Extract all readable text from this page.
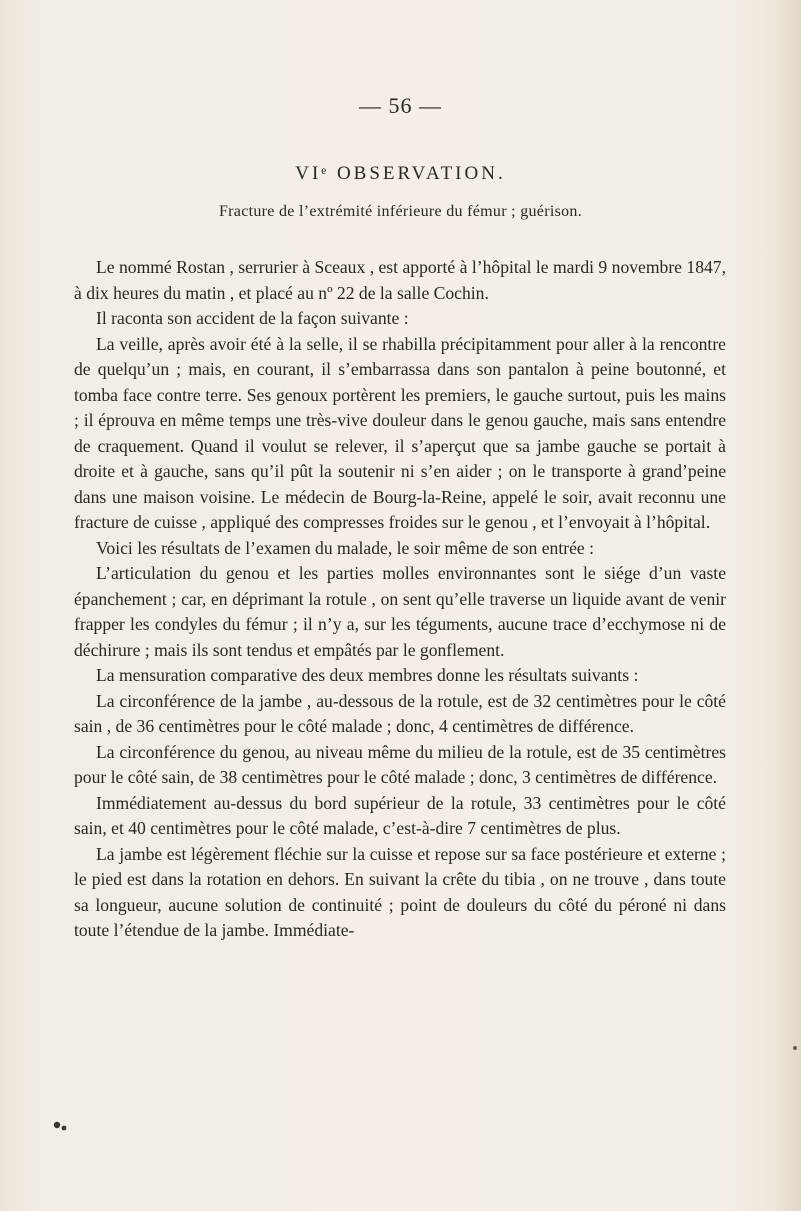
— 56 —
VIᵉ OBSERVATION.
Fracture de l’extrémité inférieure du fémur ; guérison.

Le nommé Rostan , serrurier à Sceaux , est apporté à l’hôpital le mardi 9 novembre 1847, à dix heures du matin , et placé au nº 22 de la salle Cochin.

Il raconta son accident de la façon suivante :

La veille, après avoir été à la selle, il se rhabilla précipitamment pour aller à la rencontre de quelqu’un ; mais, en courant, il s’embarrassa dans son pantalon à peine boutonné, et tomba face contre terre. Ses genoux portèrent les premiers, le gauche surtout, puis les mains ; il éprouva en même temps une très-vive douleur dans le genou gauche, mais sans entendre de craquement. Quand il voulut se relever, il s’aperçut que sa jambe gauche se portait à droite et à gauche, sans qu’il pût la soutenir ni s’en aider ; on le transporte à grand’peine dans une maison voisine. Le médecin de Bourg-la-Reine, appelé le soir, avait reconnu une fracture de cuisse , appliqué des compresses froides sur le genou , et l’envoyait à l’hôpital.

Voici les résultats de l’examen du malade, le soir même de son entrée :

L’articulation du genou et les parties molles environnantes sont le siége d’un vaste épanchement ; car, en déprimant la rotule , on sent qu’elle traverse un liquide avant de venir frapper les condyles du fémur ; il n’y a, sur les téguments, aucune trace d’ecchymose ni de déchirure ; mais ils sont tendus et empâtés par le gonflement.

La mensuration comparative des deux membres donne les résultats suivants :

La circonférence de la jambe , au-dessous de la rotule, est de 32 centimètres pour le côté sain , de 36 centimètres pour le côté malade ; donc, 4 centimètres de différence.

La circonférence du genou, au niveau même du milieu de la rotule, est de 35 centimètres pour le côté sain, de 38 centimètres pour le côté malade ; donc, 3 centimètres de différence.

Immédiatement au-dessus du bord supérieur de la rotule, 33 centimètres pour le côté sain, et 40 centimètres pour le côté malade, c’est-à-dire 7 centimètres de plus.

La jambe est légèrement fléchie sur la cuisse et repose sur sa face postérieure et externe ; le pied est dans la rotation en dehors. En suivant la crête du tibia , on ne trouve , dans toute sa longueur, aucune solution de continuité ; point de douleurs du côté du péroné ni dans toute l’étendue de la jambe. Immédiate-
